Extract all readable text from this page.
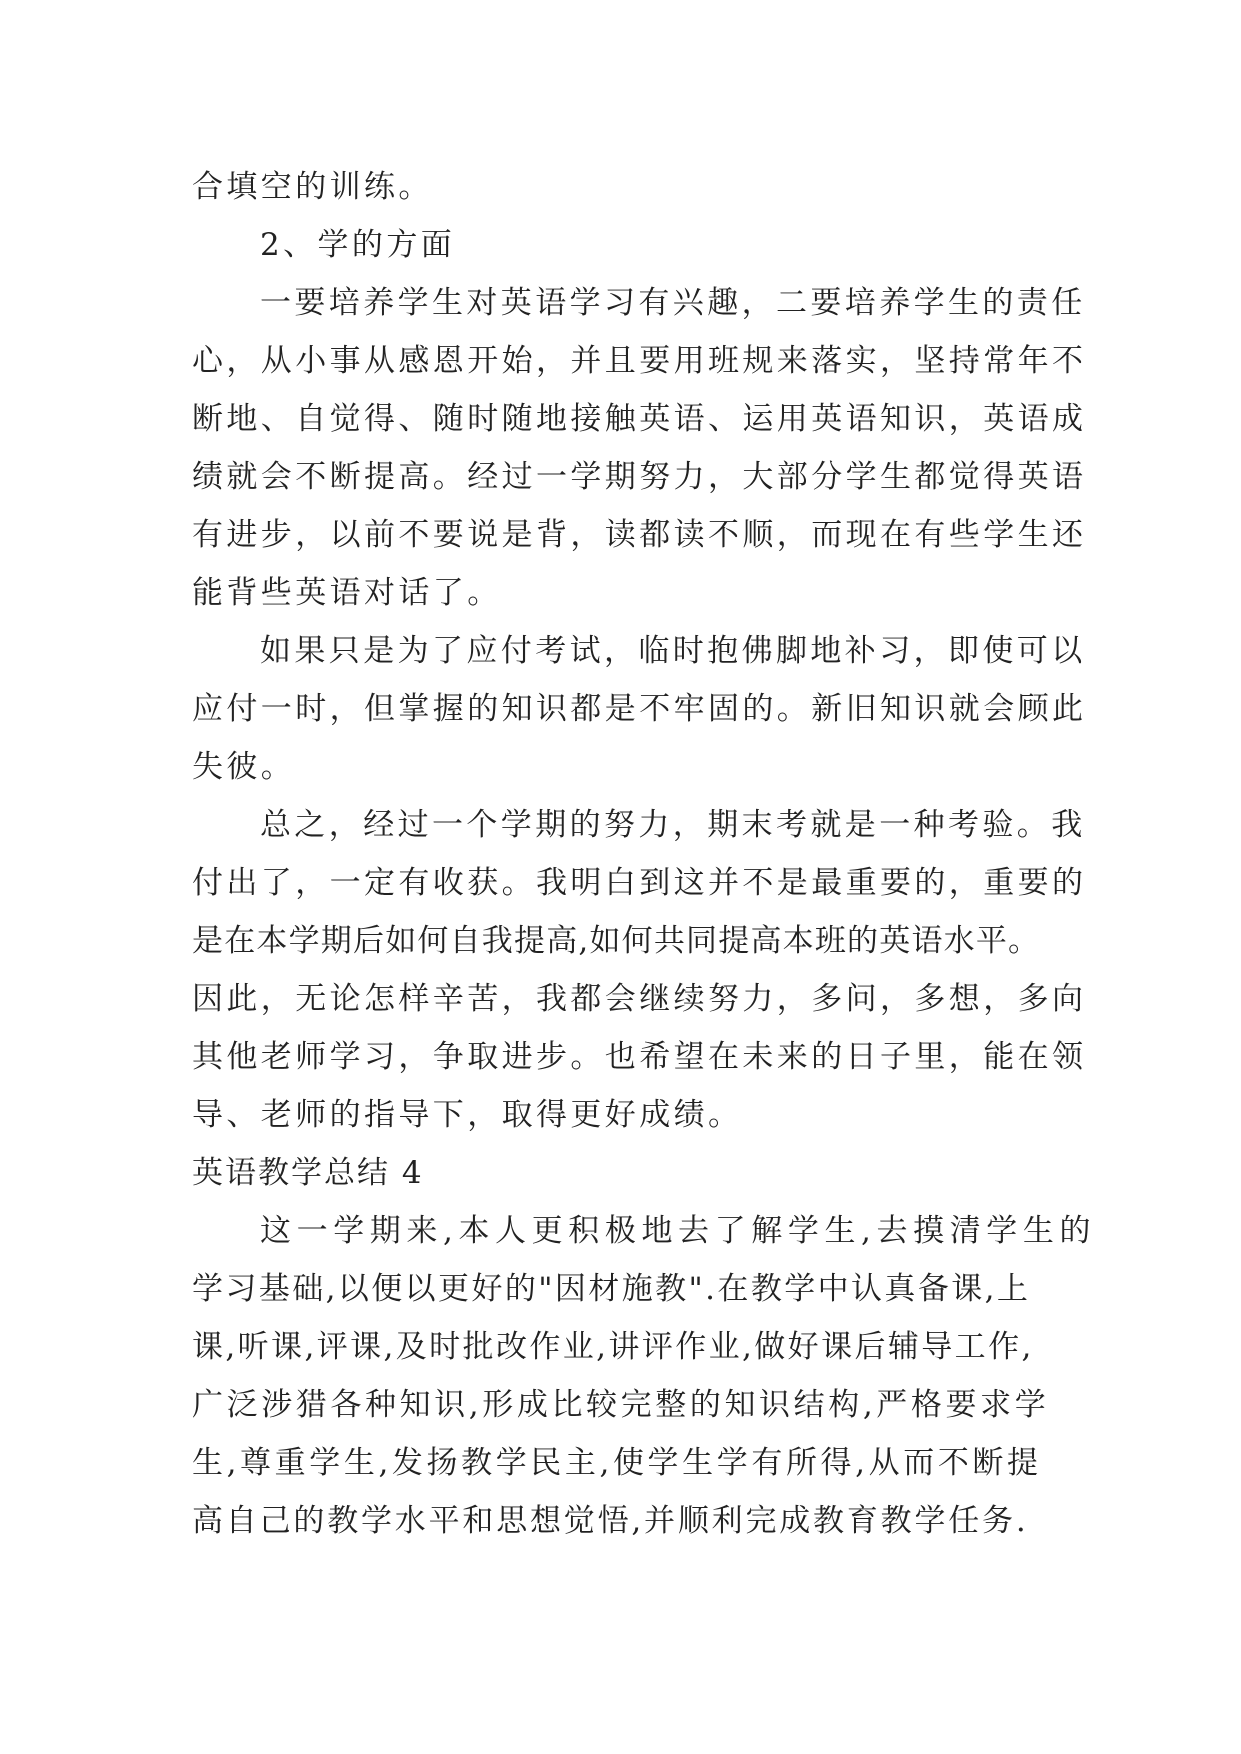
合填空的训练。
2、学的方面
一要培养学生对英语学习有兴趣，二要培养学生的责任
心，从小事从感恩开始，并且要用班规来落实，坚持常年不
断地、自觉得、随时随地接触英语、运用英语知识，英语成
绩就会不断提高。经过一学期努力，大部分学生都觉得英语
有进步，以前不要说是背，读都读不顺，而现在有些学生还
能背些英语对话了。
如果只是为了应付考试，临时抱佛脚地补习，即使可以
应付一时，但掌握的知识都是不牢固的。新旧知识就会顾此
失彼。
总之，经过一个学期的努力，期末考就是一种考验。我
付出了，一定有收获。我明白到这并不是最重要的，重要的
是在本学期后如何自我提高,如何共同提高本班的英语水平。
因此，无论怎样辛苦，我都会继续努力，多问，多想，多向
其他老师学习，争取进步。也希望在未来的日子里，能在领
导、老师的指导下，取得更好成绩。
英语教学总结 4
这一学期来,本人更积极地去了解学生,去摸清学生的
学习基础,以便以更好的"因材施教".在教学中认真备课,上
课,听课,评课,及时批改作业,讲评作业,做好课后辅导工作,
广泛涉猎各种知识,形成比较完整的知识结构,严格要求学
生,尊重学生,发扬教学民主,使学生学有所得,从而不断提
高自己的教学水平和思想觉悟,并顺利完成教育教学任务.
